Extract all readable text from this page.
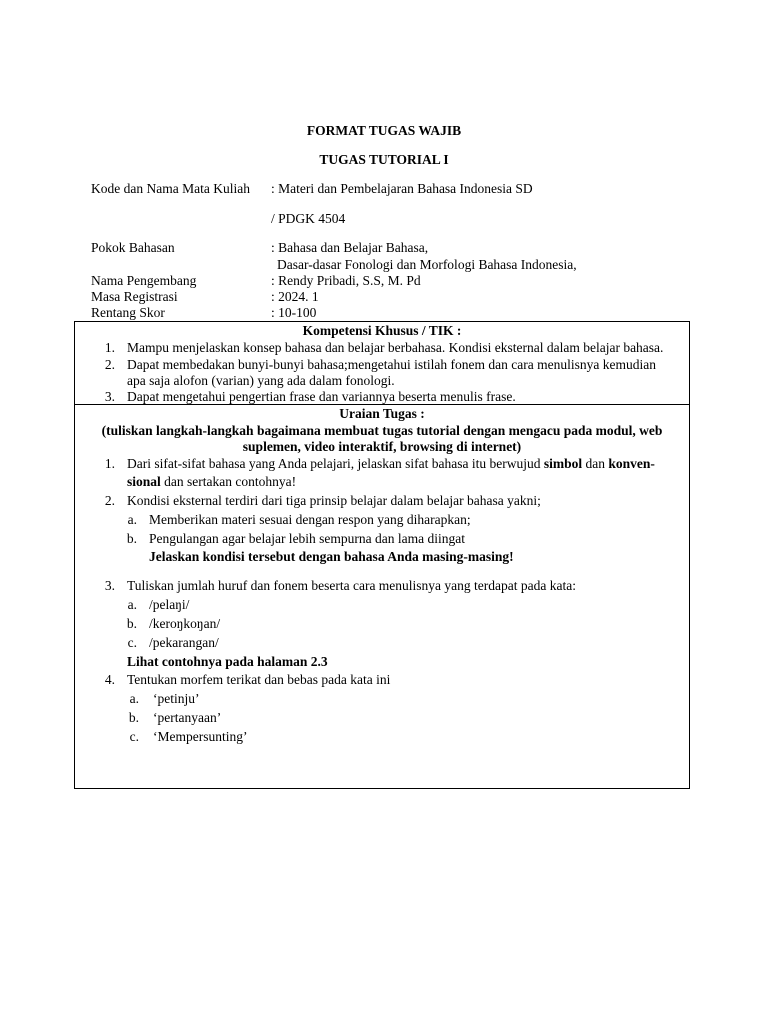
FORMAT TUGAS WAJIB
TUGAS TUTORIAL I
Kode dan Nama Mata Kuliah : Materi dan Pembelajaran Bahasa Indonesia SD
/ PDGK 4504
Pokok Bahasan	: Bahasa dan Belajar Bahasa,
Dasar-dasar Fonologi dan Morfologi Bahasa Indonesia,
Nama Pengembang	: Rendy Pribadi, S.S, M. Pd
Masa Registrasi	: 2024. 1
Rentang Skor	: 10-100
Kompetensi Khusus / TIK :
1. Mampu menjelaskan konsep bahasa dan belajar berbahasa. Kondisi eksternal dalam belajar bahasa.
2. Dapat membedakan bunyi-bunyi bahasa;mengetahui istilah fonem dan cara menulisnya kemudian
apa saja alofon (varian) yang ada dalam fonologi.
3. Dapat mengetahui pengertian frase dan variannya beserta menulis frase.
Uraian Tugas :
(tuliskan langkah-langkah bagaimana membuat tugas tutorial dengan mengacu pada modul, web
suplemen, video interaktif, browsing di internet)
1. Dari sifat-sifat bahasa yang Anda pelajari, jelaskan sifat bahasa itu berwujud simbol dan konven-
sional dan sertakan contohnya!
2. Kondisi eksternal terdiri dari tiga prinsip belajar dalam belajar bahasa yakni;
a. Memberikan materi sesuai dengan respon yang diharapkan;
b. Pengulangan agar belajar lebih sempurna dan lama diingat
Jelaskan kondisi tersebut dengan bahasa Anda masing-masing!
3. Tuliskan jumlah huruf dan fonem beserta cara menulisnya yang terdapat pada kata:
a. /pelaŋi/
b. /keroŋkoŋan/
c. /pekarangan/
Lihat contohnya pada halaman 2.3
4. Tentukan morfem terikat dan bebas pada kata ini
a. ‘petinju’
b. ‘pertanyaan’
c. ‘Mempersunting’
